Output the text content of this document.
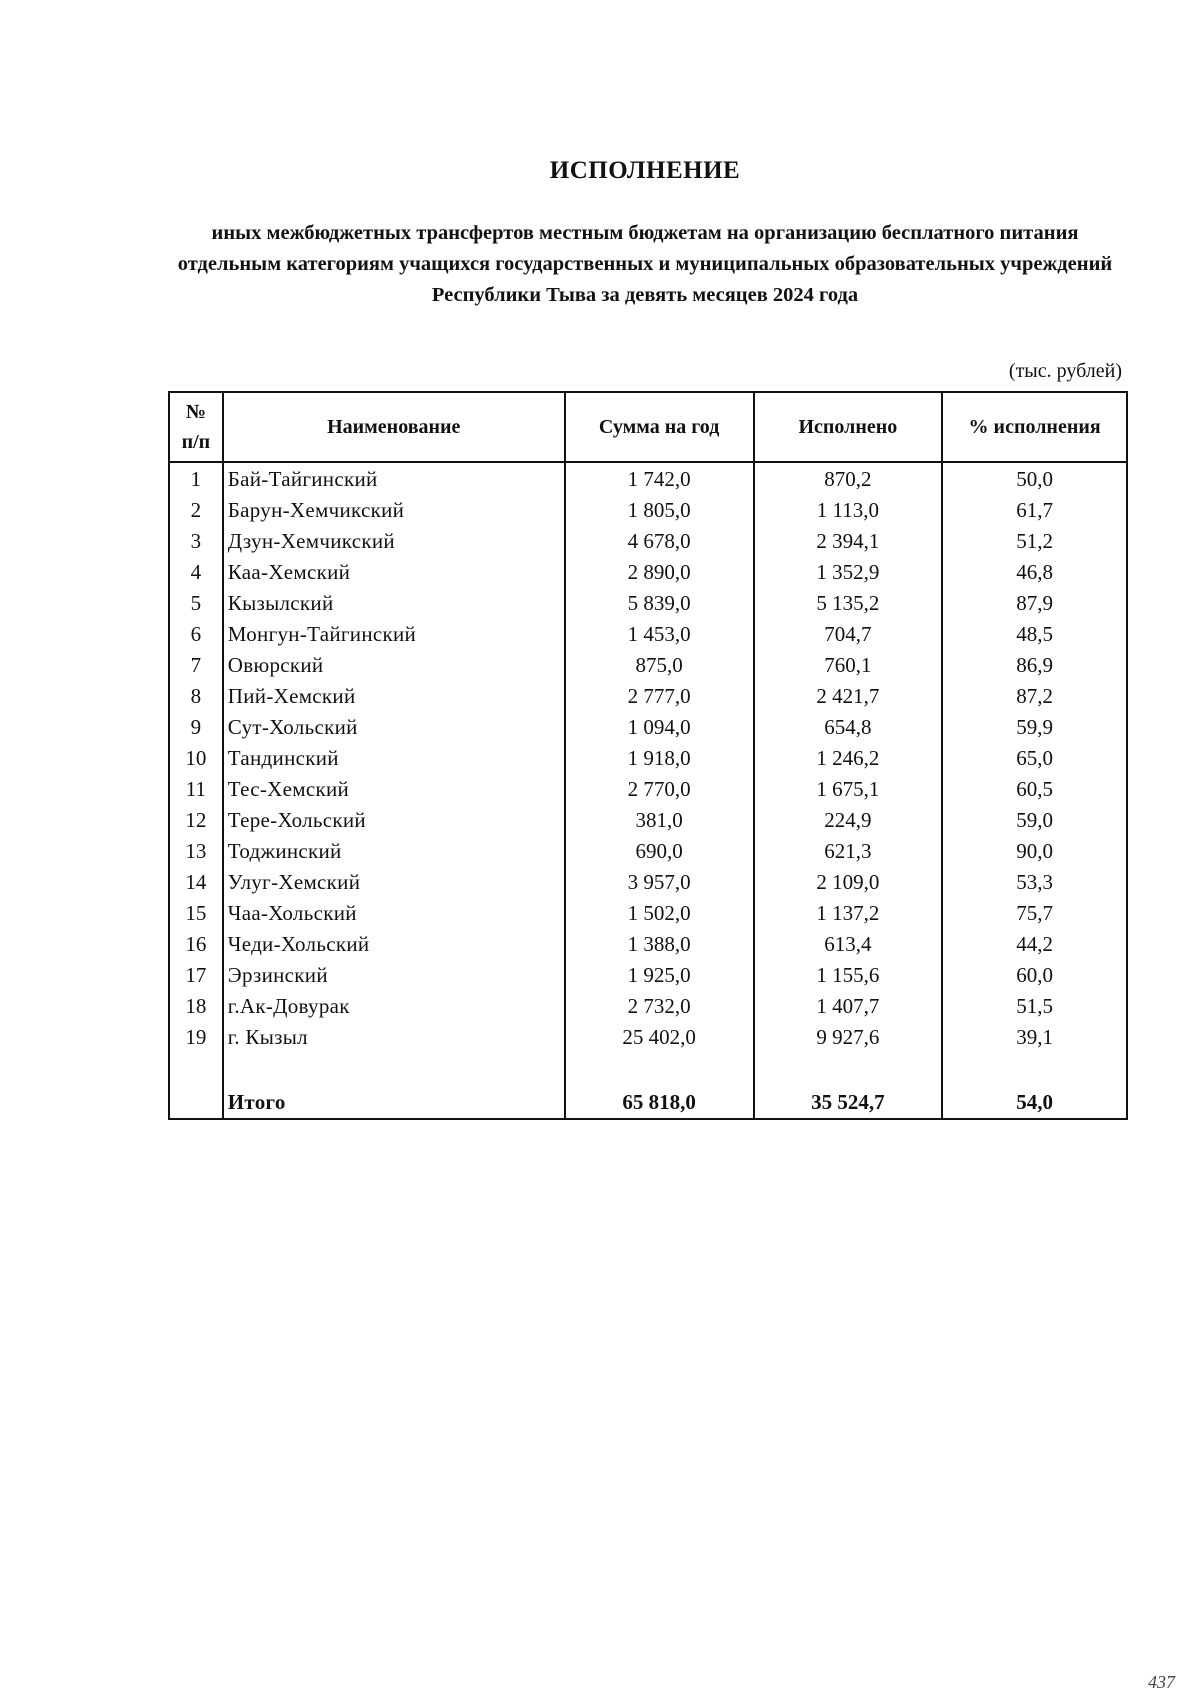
ИСПОЛНЕНИЕ
иных межбюджетных трансфертов местным бюджетам на организацию бесплатного питания отдельным категориям учащихся государственных и муниципальных образовательных учреждений Республики Тыва за девять месяцев 2024 года
(тыс. рублей)
№
п/п	Наименование	Сумма на год	Исполнено	% исполнения
1	Бай-Тайгинский	1 742,0	870,2	50,0
2	Барун-Хемчикский	1 805,0	1 113,0	61,7
3	Дзун-Хемчикский	4 678,0	2 394,1	51,2
4	Каа-Хемский	2 890,0	1 352,9	46,8
5	Кызылский	5 839,0	5 135,2	87,9
6	Монгун-Тайгинский	1 453,0	704,7	48,5
7	Овюрский	875,0	760,1	86,9
8	Пий-Хемский	2 777,0	2 421,7	87,2
9	Сут-Хольский	1 094,0	654,8	59,9
10	Тандинский	1 918,0	1 246,2	65,0
11	Тес-Хемский	2 770,0	1 675,1	60,5
12	Тере-Хольский	381,0	224,9	59,0
13	Тоджинский	690,0	621,3	90,0
14	Улуг-Хемский	3 957,0	2 109,0	53,3
15	Чаа-Хольский	1 502,0	1 137,2	75,7
16	Чеди-Хольский	1 388,0	613,4	44,2
17	Эрзинский	1 925,0	1 155,6	60,0
18	г.Ак-Довурак	2 732,0	1 407,7	51,5
19	г. Кызыл	25 402,0	9 927,6	39,1

	Итого	65 818,0	35 524,7	54,0
437
